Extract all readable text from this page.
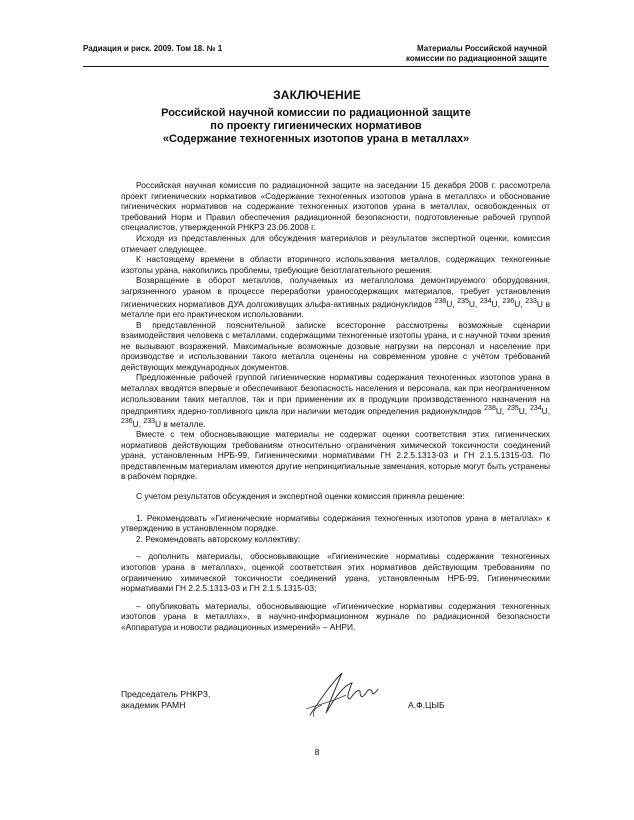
Радиация и риск. 2009. Том 18. № 1	Материалы Российской научной
комиссии по радиационной защите
ЗАКЛЮЧЕНИЕ
Российской научной комиссии по радиационной защите
по проекту гигиенических нормативов
«Содержание техногенных изотопов урана в металлах»

Российская научная комиссия по радиационной защите на заседании 15 декабря 2008 г. рассмотрела проект гигиенических нормативов «Содержание техногенных изотопов урана в металлах» и обоснование гигиенических нормативов на содержание техногенных изотопов урана в металлах, освобожденных от требований Норм и Правил обеспечения радиационной безопасности, подготовленные рабочей группой специалистов, утвержденной РНКРЗ 23.06.2008 г.

Исходя из представленных для обсуждения материалов и результатов экспертной оценки, комиссия отмечает следующее.

К настоящему времени в области вторичного использования металлов, содержащих техногенные изотопы урана, накопились проблемы, требующие безотлагательного решения.

Возвращение в оборот металлов, получаемых из металлолома демонтируемого оборудования, загрязненного ураном в процессе переработки ураносодержащих материалов, требует установления гигиенических нормативов ДУА долгоживущих альфа-активных радионуклидов $^{238}$U, $^{235}$U, $^{234}$U, $^{236}$U, $^{233}$U в металле при его практическом использовании.

В представленной пояснительной записке всесторонне рассмотрены возможные сценарии взаимодействия человека с металлами, содержащими техногенные изотопы урана, и с научной точки зрения не вызывают возражений. Максимальные возможные дозовые нагрузки на персонал и население при производстве и использовании такого металла оценены на современном уровне с учётом требований действующих международных документов.

Предложенные рабочей группой гигиенические нормативы содержания техногенных изотопов урана в металлах вводятся впервые и обеспечивают безопасность населения и персонала, как при неограниченном использовании таких металлов, так и при применении их в продукции производственного назначения на предприятиях ядерно-топливного цикла при наличии методик определения радионуклидов $^{238}$U, $^{235}$U, $^{234}$U, $^{236}$U, $^{233}$U в металле.

Вместе с тем обосновывающие материалы не содержат оценки соответствия этих гигиенических нормативов действующим требованиям относительно ограничения химической токсичности соединений урана, установленным НРБ-99, Гигиеническими нормативами ГН 2.2.5.1313-03 и ГН 2.1.5.1315-03. По представленным материалам имеются другие непринципиальные замечания, которые могут быть устранены в рабочем порядке.

С учетом результатов обсуждения и экспертной оценки комиссия приняла решение:

1. Рекомендовать «Гигиенические нормативы содержания техногенных изотопов урана в металлах» к утверждению в установленном порядке.

2. Рекомендовать авторскому коллективу:

– дополнить материалы, обосновывающие «Гигиенические нормативы содержания техногенных изотопов урана в металлах», оценкой соответствия этих нормативов действующим требованиям по ограничению химической токсичности соединений урана, установленным НРБ-99, Гигиеническими нормативами ГН 2.2.5.1313-03 и ГН 2.1.5.1315-03;

– опубликовать материалы, обосновывающие «Гигиенические нормативы содержания техногенных изотопов урана в металлах», в научно-информационном журнале по радиационной безопасности «Аппаратура и новости радиационных измерений» – АНРИ.

Председатель РНКРЗ,
академик РАМН	А.Ф.ЦЫБ
8
